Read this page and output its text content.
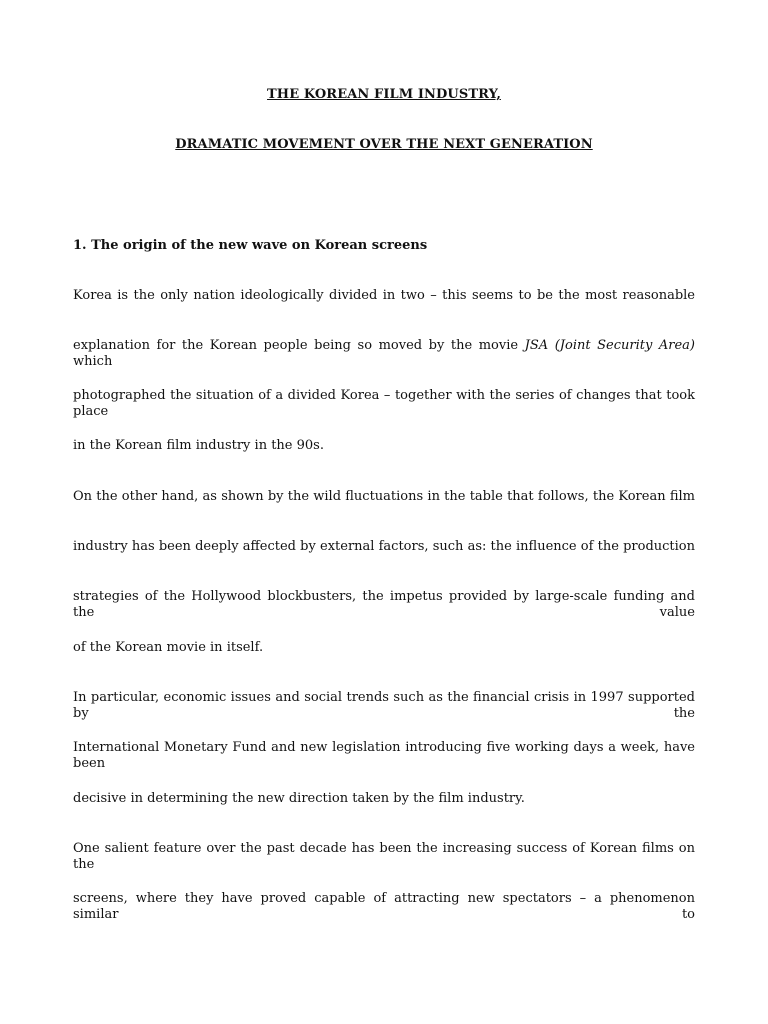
THE KOREAN FILM INDUSTRY,
DRAMATIC MOVEMENT OVER THE NEXT GENERATION
1. The origin of the new wave on Korean screens
Korea is the only nation ideologically divided in two – this seems to be the most reasonable
explanation for the Korean people being so moved by the movie JSA (Joint Security Area) which
photographed the situation of a divided Korea – together with the series of changes that took place
in the Korean film industry in the 90s.
On the other hand, as shown by the wild fluctuations in the table that follows, the Korean film
industry has been deeply affected by external factors, such as: the influence of the production
strategies of the Hollywood blockbusters, the impetus provided by large-scale funding and the value
of the Korean movie in itself.
In particular, economic issues and social trends such as the financial crisis in 1997 supported by the
International Monetary Fund and new legislation introducing five working days a week, have been
decisive in determining the new direction taken by the film industry.
One salient feature over the past decade has been the increasing success of Korean films on the
screens, where they have proved capable of attracting new spectators – a phenomenon similar to
